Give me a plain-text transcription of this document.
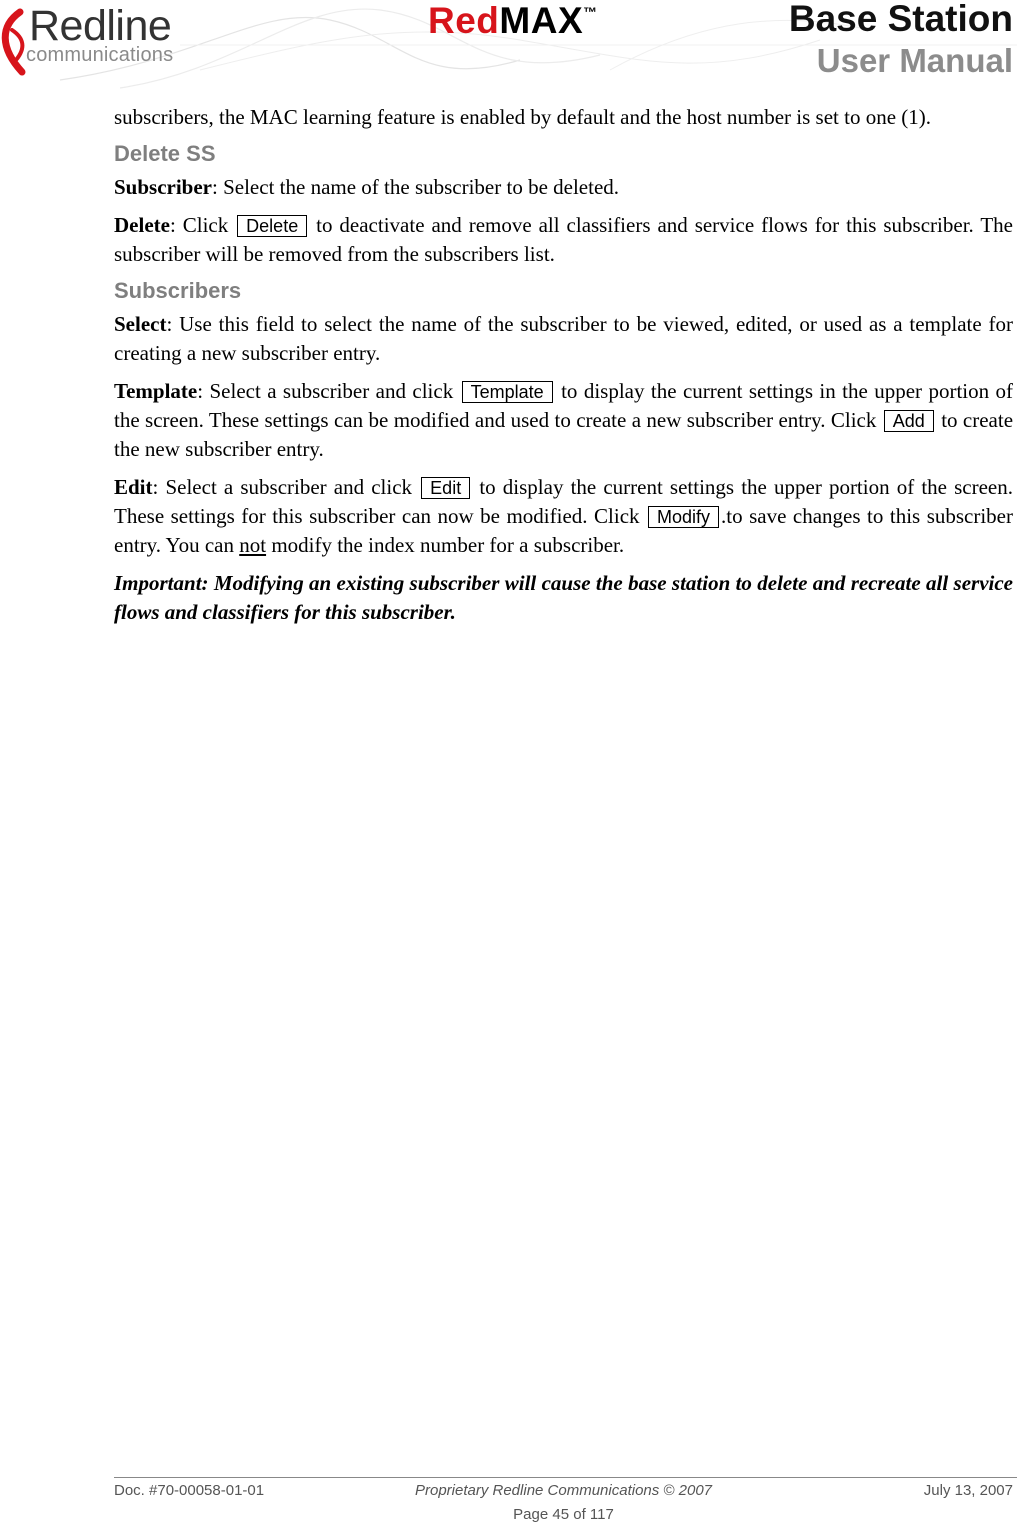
Redline
communications
RedMAX™	Base Station
User Manual

subscribers, the MAC learning feature is enabled by default and the host number is set to one (1).

Delete SS

Subscriber: Select the name of the subscriber to be deleted.

Delete: Click Delete to deactivate and remove all classifiers and service flows for this subscriber. The subscriber will be removed from the subscribers list.

Subscribers

Select: Use this field to select the name of the subscriber to be viewed, edited, or used as a template for creating a new subscriber entry.

Template: Select a subscriber and click Template to display the current settings in the upper portion of the screen. These settings can be modified and used to create a new subscriber entry. Click Add to create the new subscriber entry.

Edit: Select a subscriber and click Edit to display the current settings the upper portion of the screen. These settings for this subscriber can now be modified. Click Modify .to save changes to this subscriber entry. You can not modify the index number for a subscriber.

Important: Modifying an existing subscriber will cause the base station to delete and recreate all service flows and classifiers for this subscriber.

Doc. #70-00058-01-01	Proprietary Redline Communications © 2007	July 13, 2007
Page 45 of 117
